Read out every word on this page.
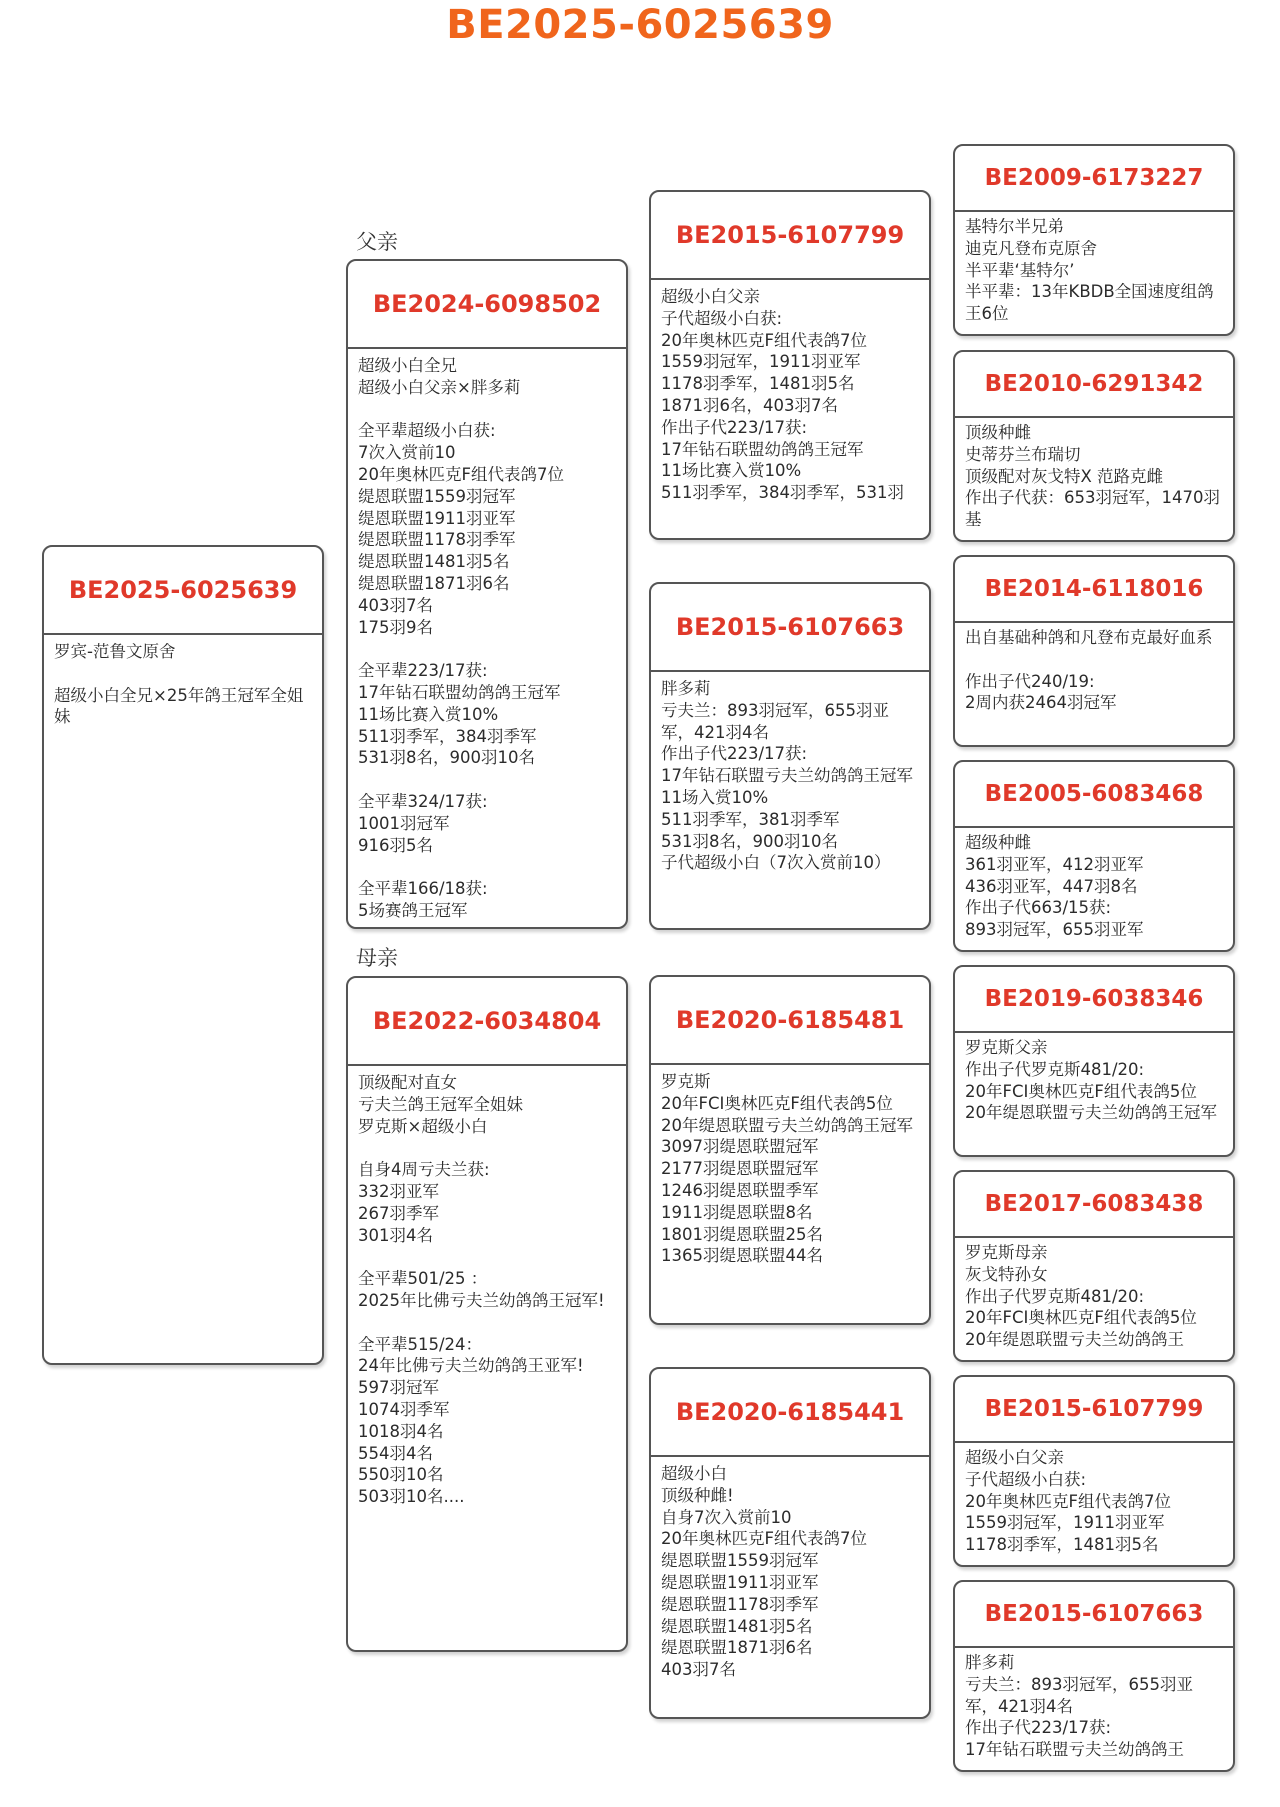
BE2025-6025639
父亲
母亲
BE2025-6025639
罗宾-范鲁文原舍

超级小白全兄×25年鸽王冠军全姐妹
BE2024-6098502
超级小白全兄
超级小白父亲×胖多莉

全平辈超级小白获:
7次入赏前10
20年奥林匹克F组代表鸽7位
缇恩联盟1559羽冠军
缇恩联盟1911羽亚军
缇恩联盟1178羽季军
缇恩联盟1481羽5名
缇恩联盟1871羽6名
403羽7名
175羽9名

全平辈223/17获:
17年钻石联盟幼鸽鸽王冠军
11场比赛入赏10%
511羽季军，384羽季军
531羽8名，900羽10名

全平辈324/17获:
1001羽冠军
916羽5名

全平辈166/18获:
5场赛鸽王冠军
BE2022-6034804
顶级配对直女
亏夫兰鸽王冠军全姐妹
罗克斯×超级小白

自身4周亏夫兰获:
332羽亚军
267羽季军
301羽4名

全平辈501/25 ：
2025年比佛亏夫兰幼鸽鸽王冠军!

全平辈515/24：
24年比佛亏夫兰幼鸽鸽王亚军!
597羽冠军
1074羽季军
1018羽4名
554羽4名
550羽10名
503羽10名....
BE2015-6107799
超级小白父亲
子代超级小白获:
20年奥林匹克F组代表鸽7位
1559羽冠军，1911羽亚军
1178羽季军，1481羽5名
1871羽6名，403羽7名
作出子代223/17获:
17年钻石联盟幼鸽鸽王冠军
11场比赛入赏10%
511羽季军，384羽季军，531羽
BE2015-6107663
胖多莉
亏夫兰：893羽冠军，655羽亚军，421羽4名
作出子代223/17获:
17年钻石联盟亏夫兰幼鸽鸽王冠军
11场入赏10%
511羽季军，381羽季军
531羽8名，900羽10名
子代超级小白（7次入赏前10）
BE2020-6185481
罗克斯
20年FCI奥林匹克F组代表鸽5位
20年缇恩联盟亏夫兰幼鸽鸽王冠军
3097羽缇恩联盟冠军
2177羽缇恩联盟冠军
1246羽缇恩联盟季军
1911羽缇恩联盟8名
1801羽缇恩联盟25名
1365羽缇恩联盟44名
BE2020-6185441
超级小白
顶级种雌!
自身7次入赏前10
20年奥林匹克F组代表鸽7位
缇恩联盟1559羽冠军
缇恩联盟1911羽亚军
缇恩联盟1178羽季军
缇恩联盟1481羽5名
缇恩联盟1871羽6名
403羽7名
BE2009-6173227
基特尔半兄弟
迪克凡登布克原舍
半平辈‘基特尔’
半平辈：13年KBDB全国速度组鸽王6位
BE2010-6291342
顶级种雌
史蒂芬兰布瑞切
顶级配对灰戈特X 范路克雌
作出子代获：653羽冠军，1470羽基
BE2014-6118016
出自基础种鸽和凡登布克最好血系

作出子代240/19:
2周内获2464羽冠军
BE2005-6083468
超级种雌
361羽亚军，412羽亚军
436羽亚军，447羽8名
作出子代663/15获:
893羽冠军，655羽亚军
BE2019-6038346
罗克斯父亲
作出子代罗克斯481/20:
20年FCI奥林匹克F组代表鸽5位
20年缇恩联盟亏夫兰幼鸽鸽王冠军
BE2017-6083438
罗克斯母亲
灰戈特孙女
作出子代罗克斯481/20:
20年FCI奥林匹克F组代表鸽5位
20年缇恩联盟亏夫兰幼鸽鸽王
BE2015-6107799
超级小白父亲
子代超级小白获:
20年奥林匹克F组代表鸽7位
1559羽冠军，1911羽亚军
1178羽季军，1481羽5名
BE2015-6107663
胖多莉
亏夫兰：893羽冠军，655羽亚军，421羽4名
作出子代223/17获:
17年钻石联盟亏夫兰幼鸽鸽王
